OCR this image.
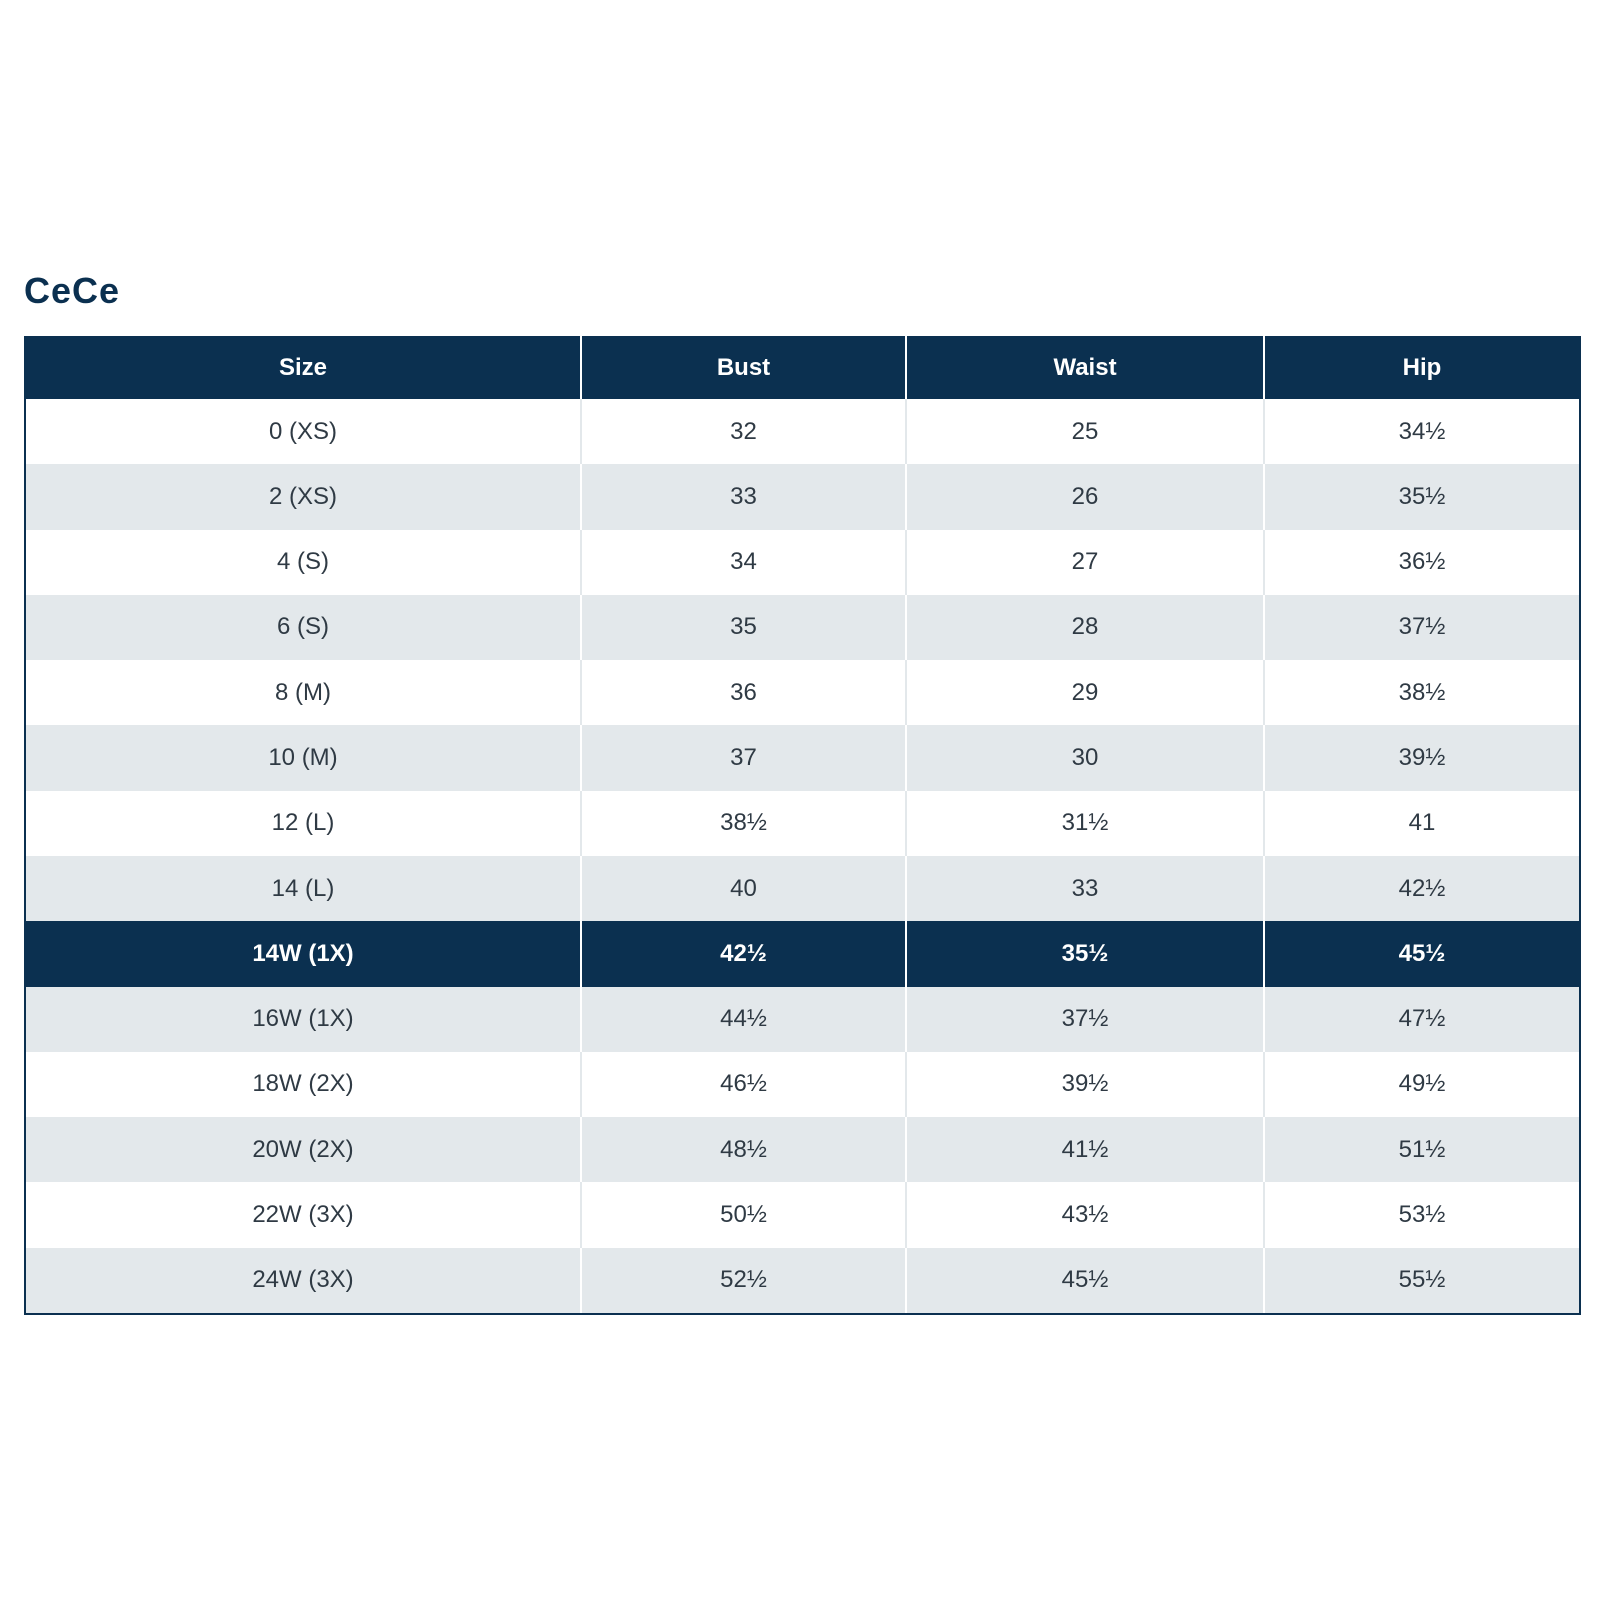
CeCe
Size	Bust	Waist	Hip
0 (XS)	32	25	34½
2 (XS)	33	26	35½
4 (S)	34	27	36½
6 (S)	35	28	37½
8 (M)	36	29	38½
10 (M)	37	30	39½
12 (L)	38½	31½	41
14 (L)	40	33	42½
14W (1X)	42½	35½	45½
16W (1X)	44½	37½	47½
18W (2X)	46½	39½	49½
20W (2X)	48½	41½	51½
22W (3X)	50½	43½	53½
24W (3X)	52½	45½	55½
